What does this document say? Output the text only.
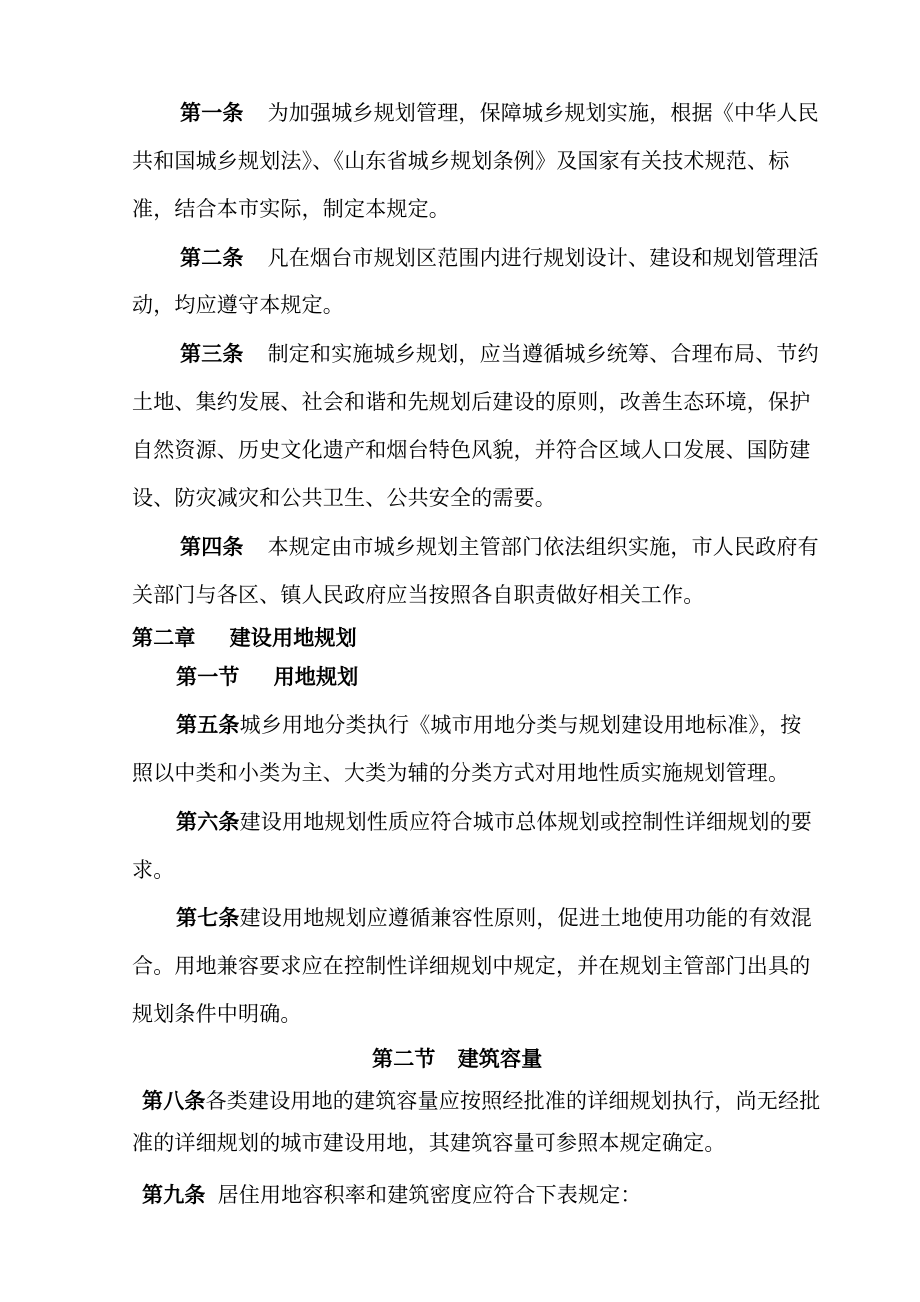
第一条 为加强城乡规划管理，保障城乡规划实施，根据《中华人民
共和国城乡规划法》、《山东省城乡规划条例》及国家有关技术规范、标
准，结合本市实际，制定本规定。
第二条 凡在烟台市规划区范围内进行规划设计、建设和规划管理活
动，均应遵守本规定。
第三条 制定和实施城乡规划，应当遵循城乡统筹、合理布局、节约
土地、集约发展、社会和谐和先规划后建设的原则，改善生态环境，保护
自然资源、历史文化遗产和烟台特色风貌，并符合区域人口发展、国防建
设、防灾减灾和公共卫生、公共安全的需要。
第四条 本规定由市城乡规划主管部门依法组织实施，市人民政府有
关部门与各区、镇人民政府应当按照各自职责做好相关工作。
第二章 建设用地规划
第一节 用地规划
第五条城乡用地分类执行《城市用地分类与规划建设用地标准》，按
照以中类和小类为主、大类为辅的分类方式对用地性质实施规划管理。
第六条建设用地规划性质应符合城市总体规划或控制性详细规划的要
求。
第七条建设用地规划应遵循兼容性原则，促进土地使用功能的有效混
合。用地兼容要求应在控制性详细规划中规定，并在规划主管部门出具的
规划条件中明确。
第二节 建筑容量
第八条各类建设用地的建筑容量应按照经批准的详细规划执行，尚无经批
准的详细规划的城市建设用地，其建筑容量可参照本规定确定。
第九条 居住用地容积率和建筑密度应符合下表规定：
